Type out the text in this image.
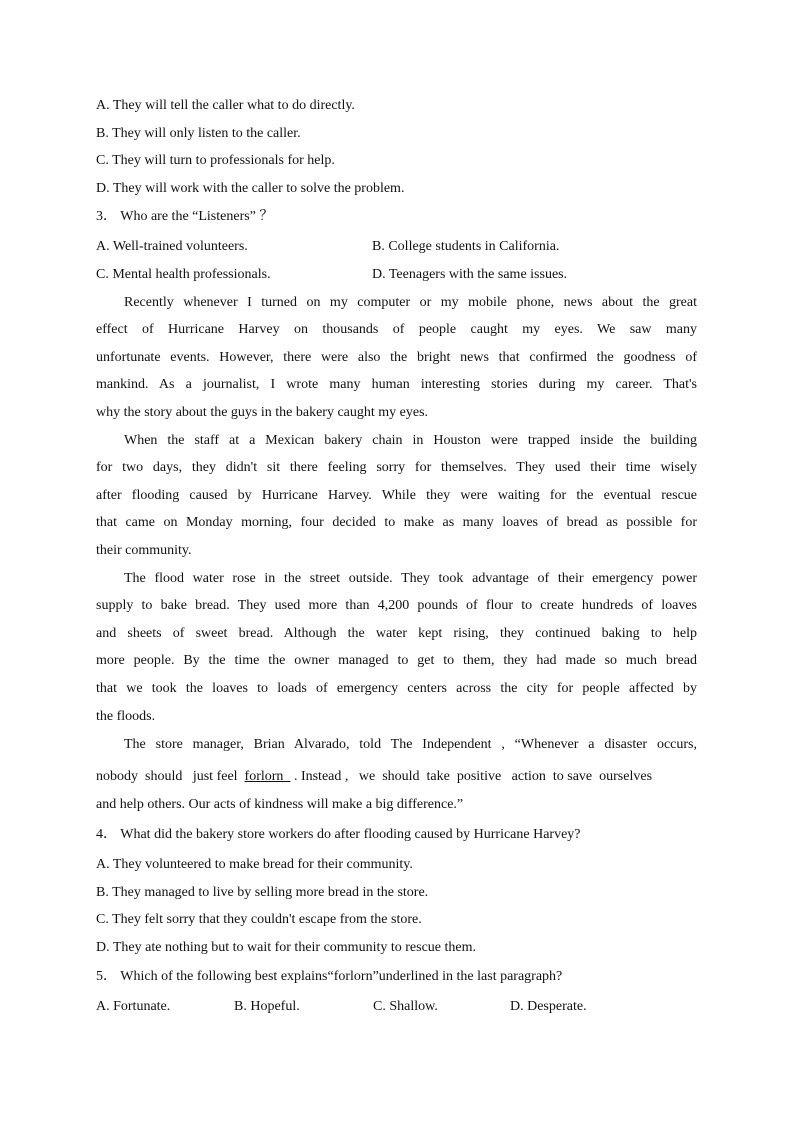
A. They will tell the caller what to do directly.
B. They will only listen to the caller.
C. They will turn to professionals for help.
D. They will work with the caller to solve the problem.
3． Who are the “Listeners” ？
A. Well-trained volunteers.	B. College students in California.
C. Mental health professionals.	D. Teenagers with the same issues.
Recently whenever I turned on my computer or my mobile phone, news about the great
effect of Hurricane Harvey on thousands of people caught my eyes. We saw many
unfortunate events. However, there were also the bright news that confirmed the goodness of
mankind. As a journalist, I wrote many human interesting stories during my career. That's
why the story about the guys in the bakery caught my eyes.
When the staff at a Mexican bakery chain in Houston were trapped inside the building
for two days, they didn't sit there feeling sorry for themselves. They used their time wisely
after flooding caused by Hurricane Harvey. While they were waiting for the eventual rescue
that came on Monday morning, four decided to make as many loaves of bread as possible for
their community.
The flood water rose in the street outside. They took advantage of their emergency power
supply to bake bread. They used more than 4,200 pounds of flour to create hundreds of loaves
and sheets of sweet bread. Although the water kept rising, they continued baking to help
more people. By the time the owner managed to get to them, they had made so much bread
that we took the loaves to loads of emergency centers across the city for people affected by
the floods.
The store manager, Brian Alvarado, told The Independent , “Whenever a disaster occurs,
nobody  should   just feel  forlorn   . Instead ,   we  should  take  positive   action  to save  ourselves
and help others. Our acts of kindness will make a big difference.”
4． What did the bakery store workers do after flooding caused by Hurricane Harvey?
A. They volunteered to make bread for their community.
B. They managed to live by selling more bread in the store.
C. They felt sorry that they couldn't escape from the store.
D. They ate nothing but to wait for their community to rescue them.
5． Which of the following best explains“forlorn”underlined in the last paragraph?
A. Fortunate.	B. Hopeful.	C. Shallow.	D. Desperate.
